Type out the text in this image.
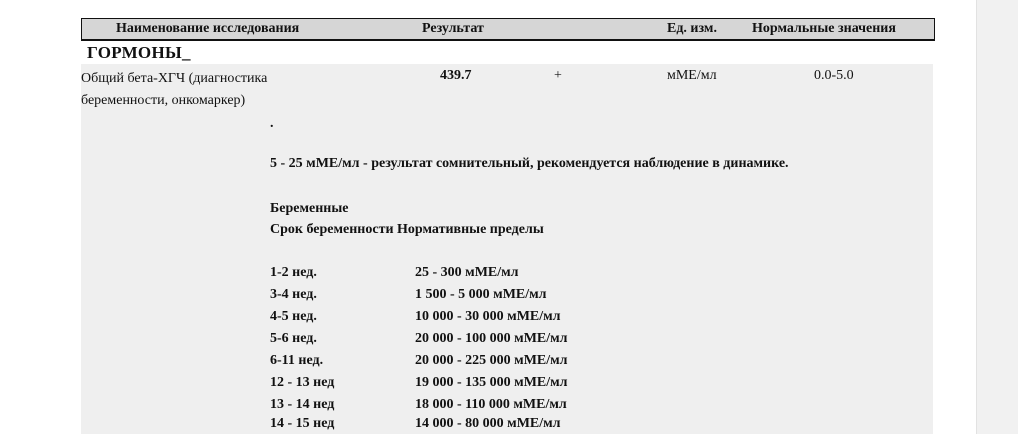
Наименование исследования	Результат	Ед. изм.	Нормальные значения
ГОРМОНЫ_
Общий бета-ХГЧ (диагностика
беременности, онкомаркер)
439.7	+	мМЕ/мл	0.0-5.0
.
5 - 25 мМЕ/мл - результат сомнительный, рекомендуется наблюдение в динамике.
Беременные
Срок беременности Нормативные пределы
1-2 нед.	25 - 300 мМЕ/мл
3-4 нед.	1 500 - 5 000 мМЕ/мл
4-5 нед.	10 000 - 30 000 мМЕ/мл
5-6 нед.	20 000 - 100 000 мМЕ/мл
6-11 нед.	20 000 - 225 000 мМЕ/мл
12 - 13 нед	19 000 - 135 000 мМЕ/мл
13 - 14 нед	18 000 - 110 000 мМЕ/мл
14 - 15 нед	14 000 - 80 000 мМЕ/мл
